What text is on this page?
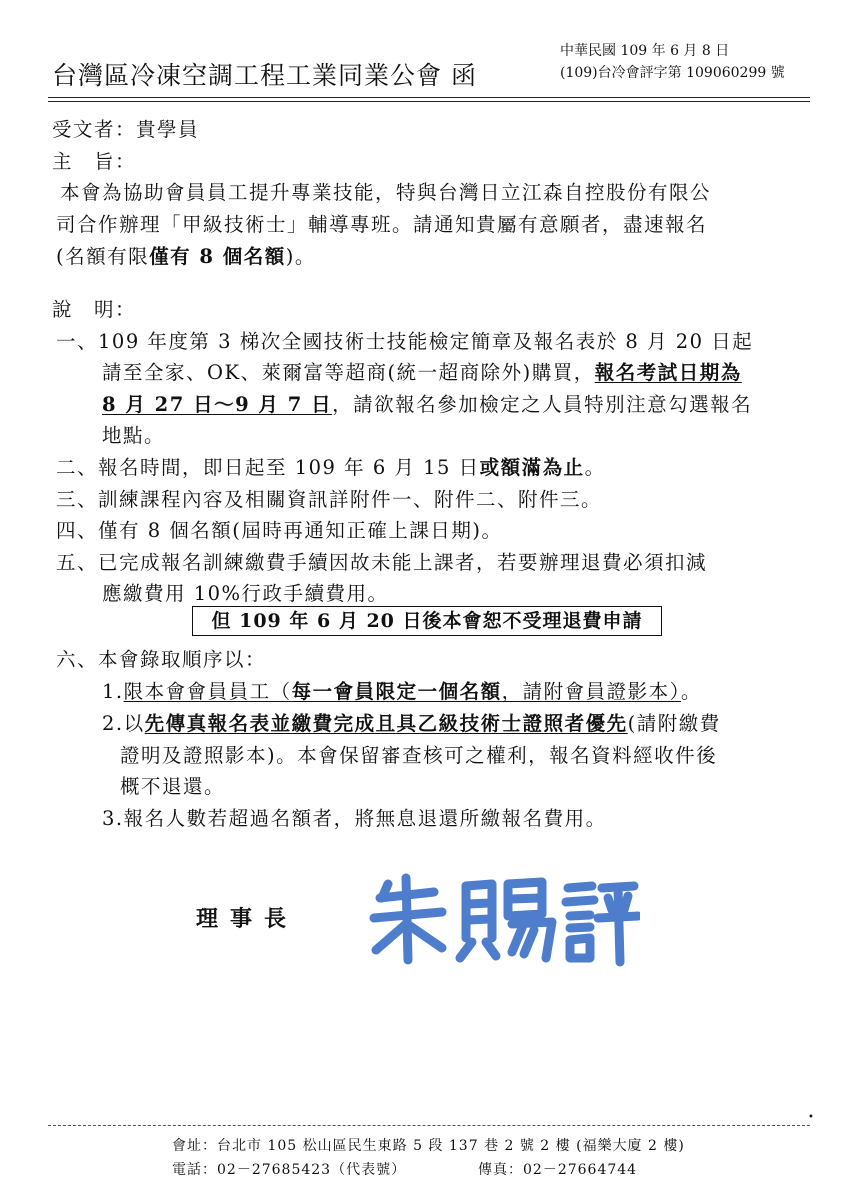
台灣區冷凍空調工程工業同業公會 函
中華民國 109 年 6 月 8 日
(109)台冷會評字第 109060299 號
受文者：貴學員
主　旨：
本會為協助會員員工提升專業技能，特與台灣日立江森自控股份有限公
司合作辦理「甲級技術士」輔導專班。請通知貴屬有意願者，盡速報名
(名額有限僅有 8 個名額)。
說　明：
一、109 年度第 3 梯次全國技術士技能檢定簡章及報名表於 8 月 20 日起
請至全家、OK、萊爾富等超商(統一超商除外)購買，報名考試日期為
8 月 27 日～9 月 7 日，請欲報名參加檢定之人員特別注意勾選報名
地點。
二、報名時間，即日起至 109 年 6 月 15 日或額滿為止。
三、訓練課程內容及相關資訊詳附件一、附件二、附件三。
四、僅有 8 個名額(屆時再通知正確上課日期)。
五、已完成報名訓練繳費手續因故未能上課者，若要辦理退費必須扣減
應繳費用 10%行政手續費用。
但 109 年 6 月 20 日後本會恕不受理退費申請
六、本會錄取順序以：
1.限本會會員員工（每一會員限定一個名額，請附會員證影本）。
2.以先傳真報名表並繳費完成且具乙級技術士證照者優先(請附繳費
證明及證照影本)。本會保留審查核可之權利，報名資料經收件後
概不退還。
3.報名人數若超過名額者，將無息退還所繳報名費用。
理事長
•
會址：台北市 105 松山區民生東路 5 段 137 巷 2 號 2 樓 (福樂大廈 2 樓)
電話：02－27685423（代表號）	傳真：02－27664744
